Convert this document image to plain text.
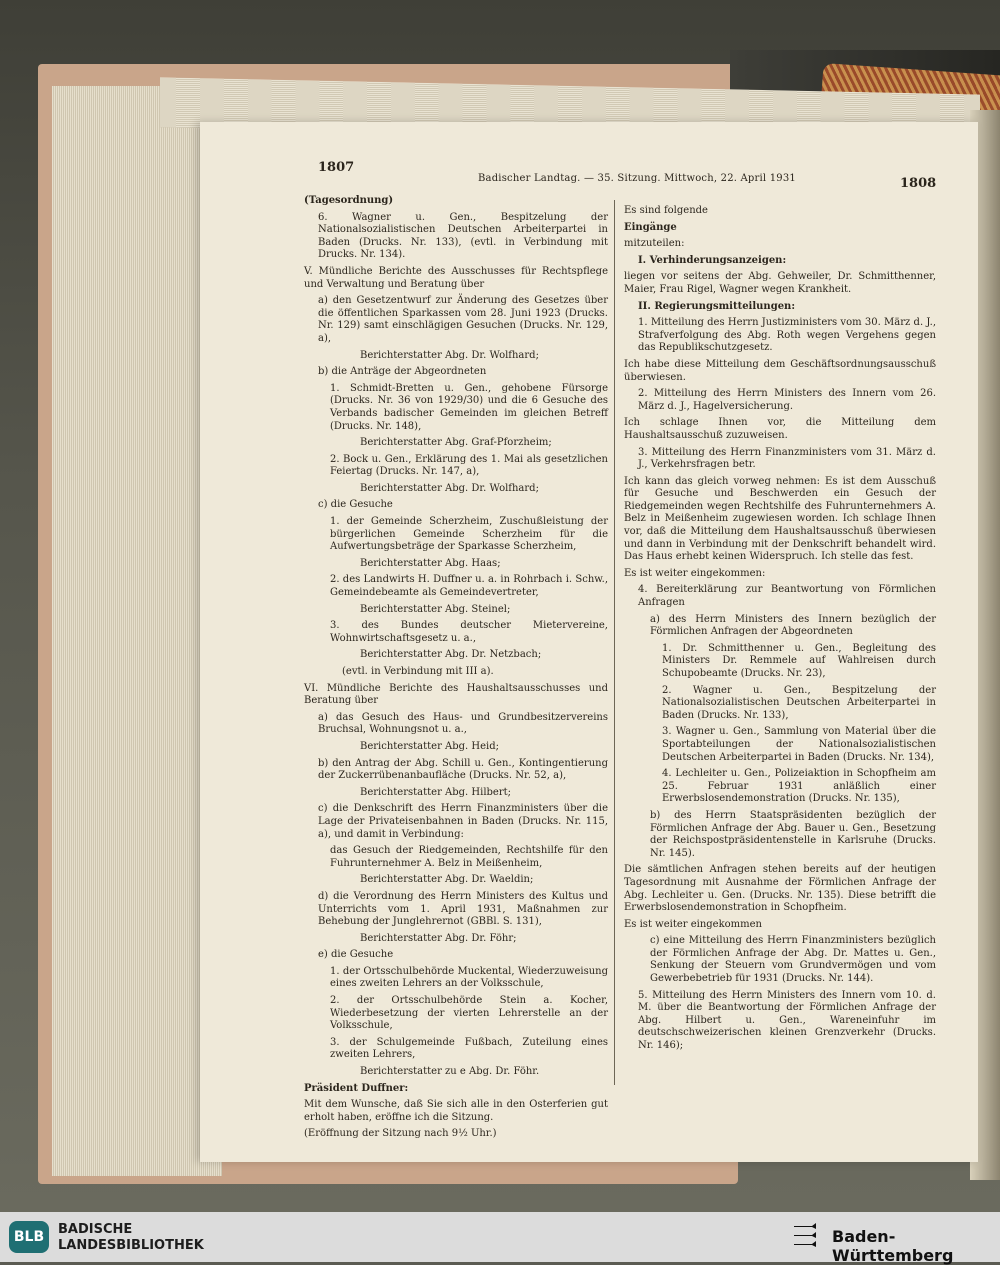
1807
Badischer Landtag. — 35. Sitzung. Mittwoch, 22. April 1931	1808

(Tagesordnung)

6. Wagner u. Gen., Bespitzelung der Nationalsozialistischen Deutschen Arbeiterpartei in Baden (Drucks. Nr. 133), (evtl. in Verbindung mit Drucks. Nr. 134).

V. Mündliche Berichte des Ausschusses für Rechtspflege und Verwaltung und Beratung über

a) den Gesetzentwurf zur Änderung des Gesetzes über die öffentlichen Sparkassen vom 28. Juni 1923 (Drucks. Nr. 129) samt einschlägigen Gesuchen (Drucks. Nr. 129, a),

Berichterstatter Abg. Dr. Wolfhard;

b) die Anträge der Abgeordneten

1. Schmidt-Bretten u. Gen., gehobene Fürsorge (Drucks. Nr. 36 von 1929/30) und die 6 Gesuche des Verbands badischer Gemeinden im gleichen Betreff (Drucks. Nr. 148),

Berichterstatter Abg. Graf-Pforzheim;

2. Bock u. Gen., Erklärung des 1. Mai als gesetzlichen Feiertag (Drucks. Nr. 147, a),

Berichterstatter Abg. Dr. Wolfhard;

c) die Gesuche

1. der Gemeinde Scherzheim, Zuschußleistung der bürgerlichen Gemeinde Scherzheim für die Aufwertungsbeträge der Sparkasse Scherzheim,

Berichterstatter Abg. Haas;

2. des Landwirts H. Duffner u. a. in Rohrbach i. Schw., Gemeindebeamte als Gemeindevertreter,

Berichterstatter Abg. Steinel;

3. des Bundes deutscher Mietervereine, Wohnwirtschaftsgesetz u. a.,

Berichterstatter Abg. Dr. Netzbach;

(evtl. in Verbindung mit III a).

VI. Mündliche Berichte des Haushaltsausschusses und Beratung über

a) das Gesuch des Haus- und Grundbesitzervereins Bruchsal, Wohnungsnot u. a.,

Berichterstatter Abg. Heid;

b) den Antrag der Abg. Schill u. Gen., Kontingentierung der Zuckerrübenanbaufläche (Drucks. Nr. 52, a),

Berichterstatter Abg. Hilbert;

c) die Denkschrift des Herrn Finanzministers über die Lage der Privateisenbahnen in Baden (Drucks. Nr. 115, a), und damit in Verbindung:

das Gesuch der Riedgemeinden, Rechtshilfe für den Fuhrunternehmer A. Belz in Meißenheim,

Berichterstatter Abg. Dr. Waeldin;

d) die Verordnung des Herrn Ministers des Kultus und Unterrichts vom 1. April 1931, Maßnahmen zur Behebung der Junglehrernot (GBBl. S. 131),

Berichterstatter Abg. Dr. Föhr;

e) die Gesuche

1. der Ortsschulbehörde Muckental, Wiederzuweisung eines zweiten Lehrers an der Volksschule,

2. der Ortsschulbehörde Stein a. Kocher, Wiederbesetzung der vierten Lehrerstelle an der Volksschule,

3. der Schulgemeinde Fußbach, Zuteilung eines zweiten Lehrers,

Berichterstatter zu e Abg. Dr. Föhr.

Präsident Duffner:

Mit dem Wunsche, daß Sie sich alle in den Osterferien gut erholt haben, eröffne ich die Sitzung.

(Eröffnung der Sitzung nach 9½ Uhr.)

Es sind folgende

Eingänge

mitzuteilen:

I. Verhinderungsanzeigen:

liegen vor seitens der Abg. Gehweiler, Dr. Schmitthenner, Maier, Frau Rigel, Wagner wegen Krankheit.

II. Regierungsmitteilungen:

1. Mitteilung des Herrn Justizministers vom 30. März d. J., Strafverfolgung des Abg. Roth wegen Vergehens gegen das Republikschutzgesetz.

Ich habe diese Mitteilung dem Geschäftsordnungsausschuß überwiesen.

2. Mitteilung des Herrn Ministers des Innern vom 26. März d. J., Hagelversicherung.

Ich schlage Ihnen vor, die Mitteilung dem Haushaltsausschuß zuzuweisen.

3. Mitteilung des Herrn Finanzministers vom 31. März d. J., Verkehrsfragen betr.

Ich kann das gleich vorweg nehmen: Es ist dem Ausschuß für Gesuche und Beschwerden ein Gesuch der Riedgemeinden wegen Rechtshilfe des Fuhrunternehmers A. Belz in Meißenheim zugewiesen worden. Ich schlage Ihnen vor, daß die Mitteilung dem Haushaltsausschuß überwiesen und dann in Verbindung mit der Denkschrift behandelt wird. Das Haus erhebt keinen Widerspruch. Ich stelle das fest.

Es ist weiter eingekommen:

4. Bereiterklärung zur Beantwortung von Förmlichen Anfragen

a) des Herrn Ministers des Innern bezüglich der Förmlichen Anfragen der Abgeordneten

1. Dr. Schmitthenner u. Gen., Begleitung des Ministers Dr. Remmele auf Wahlreisen durch Schupobeamte (Drucks. Nr. 23),

2. Wagner u. Gen., Bespitzelung der Nationalsozialistischen Deutschen Arbeiterpartei in Baden (Drucks. Nr. 133),

3. Wagner u. Gen., Sammlung von Material über die Sportabteilungen der Nationalsozialistischen Deutschen Arbeiterpartei in Baden (Drucks. Nr. 134),

4. Lechleiter u. Gen., Polizeiaktion in Schopfheim am 25. Februar 1931 anläßlich einer Erwerbslosendemonstration (Drucks. Nr. 135),

b) des Herrn Staatspräsidenten bezüglich der Förmlichen Anfrage der Abg. Bauer u. Gen., Besetzung der Reichspostpräsidentenstelle in Karlsruhe (Drucks. Nr. 145).

Die sämtlichen Anfragen stehen bereits auf der heutigen Tagesordnung mit Ausnahme der Förmlichen Anfrage der Abg. Lechleiter u. Gen. (Drucks. Nr. 135). Diese betrifft die Erwerbslosendemonstration in Schopfheim.

Es ist weiter eingekommen

c) eine Mitteilung des Herrn Finanzministers bezüglich der Förmlichen Anfrage der Abg. Dr. Mattes u. Gen., Senkung der Steuern vom Grundvermögen und vom Gewerbebetrieb für 1931 (Drucks. Nr. 144).

5. Mitteilung des Herrn Ministers des Innern vom 10. d. M. über die Beantwortung der Förmlichen Anfrage der Abg. Hilbert u. Gen., Wareneinfuhr im deutschschweizerischen kleinen Grenzverkehr (Drucks. Nr. 146);

BLB	BADISCHE
LANDESBIBLIOTHEK	Baden-Württemberg
